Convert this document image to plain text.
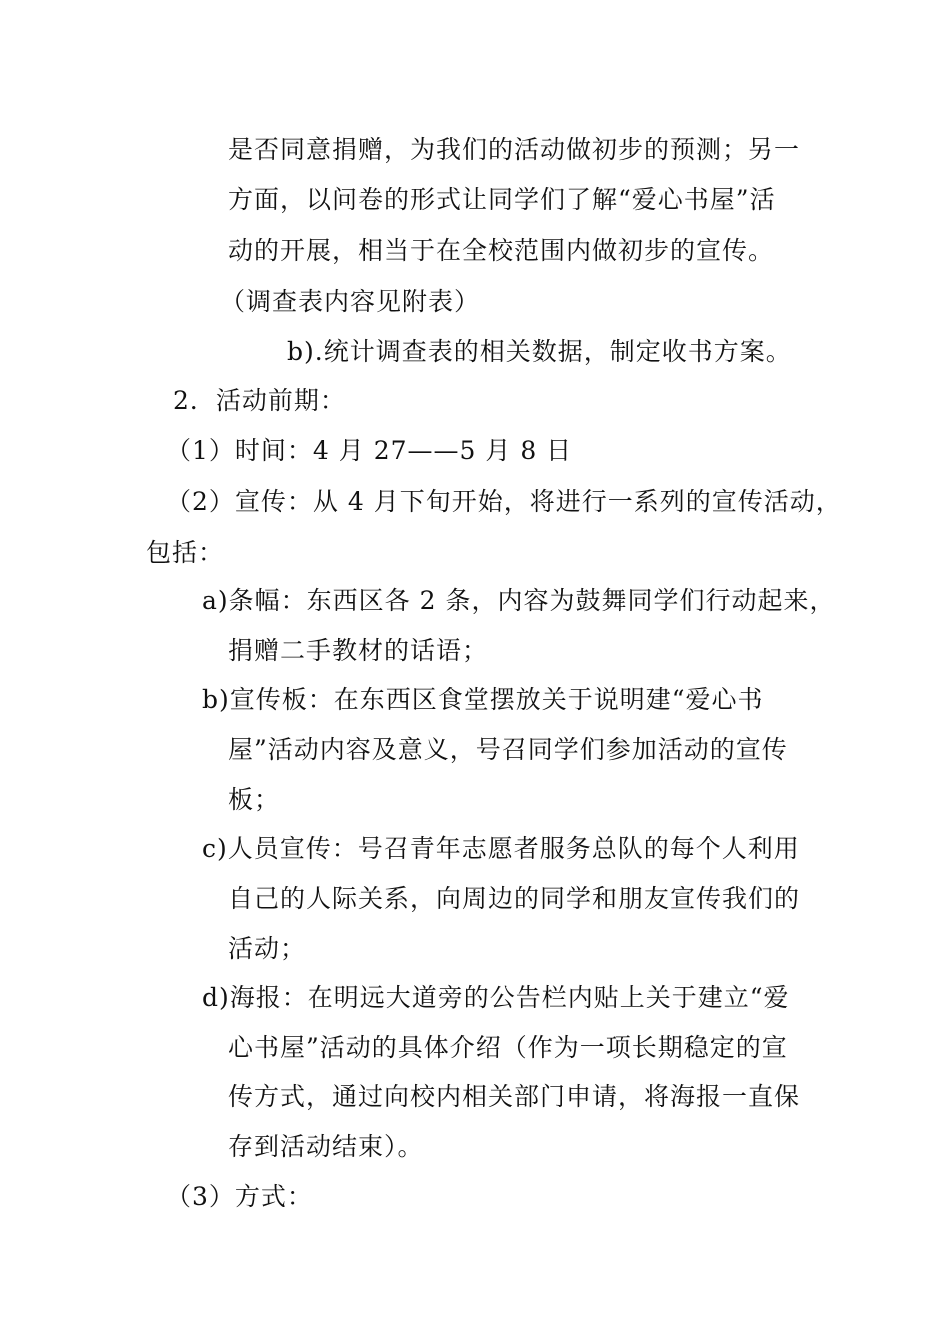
是否同意捐赠，为我们的活动做初步的预测；另一
方面，以问卷的形式让同学们了解“爱心书屋”活
动的开展，相当于在全校范围内做初步的宣传。
（调查表内容见附表）
b).统计调查表的相关数据，制定收书方案。
2．活动前期：
（1）时间：4 月 27——5 月 8 日
（2）宣传：从 4 月下旬开始，将进行一系列的宣传活动，
包括：
a)条幅：东西区各 2 条，内容为鼓舞同学们行动起来，
捐赠二手教材的话语；
b)宣传板：在东西区食堂摆放关于说明建“爱心书
屋”活动内容及意义，号召同学们参加活动的宣传
板；
c)人员宣传：号召青年志愿者服务总队的每个人利用
自己的人际关系，向周边的同学和朋友宣传我们的
活动；
d)海报：在明远大道旁的公告栏内贴上关于建立“爱
心书屋”活动的具体介绍（作为一项长期稳定的宣
传方式，通过向校内相关部门申请，将海报一直保
存到活动结束）。
（3）方式：
